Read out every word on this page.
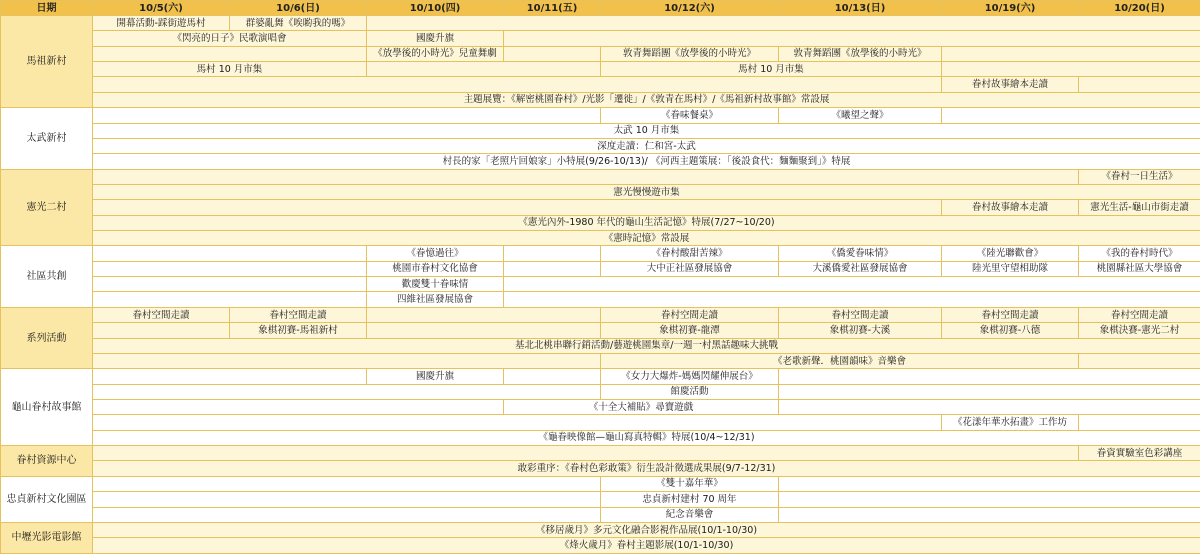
日期	10/5(六)	10/6(日)	10/10(四)	10/11(五)	10/12(六)	10/13(日)	10/19(六)	10/20(日)
馬祖新村	開幕活動-踩街遊馬村	群婆亂舞《唉喲我的嗎》						
	《閃亮的日子》民歌演唱會		國慶升旗					
			《放學後的小時光》兒童舞劇		敦青舞蹈團《放學後的小時光》	敦青舞蹈團《放學後的小時光》		
	馬村 10 月市集				馬村 10 月市集			
							眷村故事繪本走讀	
	主題展覽：《解密桃園眷村》/光影「遷徙」/《敦青在馬村》/《馬祖新村故事館》常設展							
太武新村					《眷味餐桌》	《曦望之聲》		
	太武 10 月市集							
	深度走讀：仁和宮-太武							
	村長的家「老照片回娘家」小特展(9/26-10/13)/ 《河西主題策展：「後設食代：麵麵聚到」》特展							
憲光二村								《眷村一日生活》
	憲光慢慢遊市集							
							眷村故事繪本走讀	憲光生活-龜山市街走讀
	《憲光內外-1980 年代的龜山生活記憶》特展(7/27~10/20)							
	《憲時記憶》常設展							
社區共創			《眷憶過往》		《眷村酸甜苦辣》	《僑愛眷味情》	《陸光聯歡會》	《我的眷村時代》
			桃園市眷村文化協會		大中正社區發展協會	大溪僑愛社區發展協會	陸光里守望相助隊	桃園縣社區大學協會
			歡慶雙十眷味情					
			四維社區發展協會					
系列活動	眷村空間走讀	眷村空間走讀			眷村空間走讀	眷村空間走讀	眷村空間走讀	眷村空間走讀
		象棋初賽-馬祖新村			象棋初賽-龍潭	象棋初賽-大溪	象棋初賽-八德	象棋決賽-憲光二村
	基北北桃串聯行銷活動/藝遊桃園集章/一週一村黑話趣味大挑戰							
					《老歌新聲．桃園韻味》音樂會			
龜山眷村故事館			國慶升旗		《女力大爆炸-媽媽閃耀伸展台》			
					館慶活動			
				《十全大補貼》尋寶遊戲				
							《花漾年華水拓畫》工作坊	
	《龜眷映像館—龜山寫真特輯》特展(10/4~12/31)							
眷村資源中心								眷資實驗室色彩講座
	敢彩重序：《眷村色彩敢策》衍生設計徵選成果展(9/7-12/31)							
忠貞新村文化園區					《雙十嘉年華》			
					忠貞新村建村 70 周年			
					紀念音樂會			
中壢光影電影館	《移居歲月》多元文化融合影視作品展(10/1-10/30)							
	《烽火歲月》眷村主題影展(10/1-10/30)							
